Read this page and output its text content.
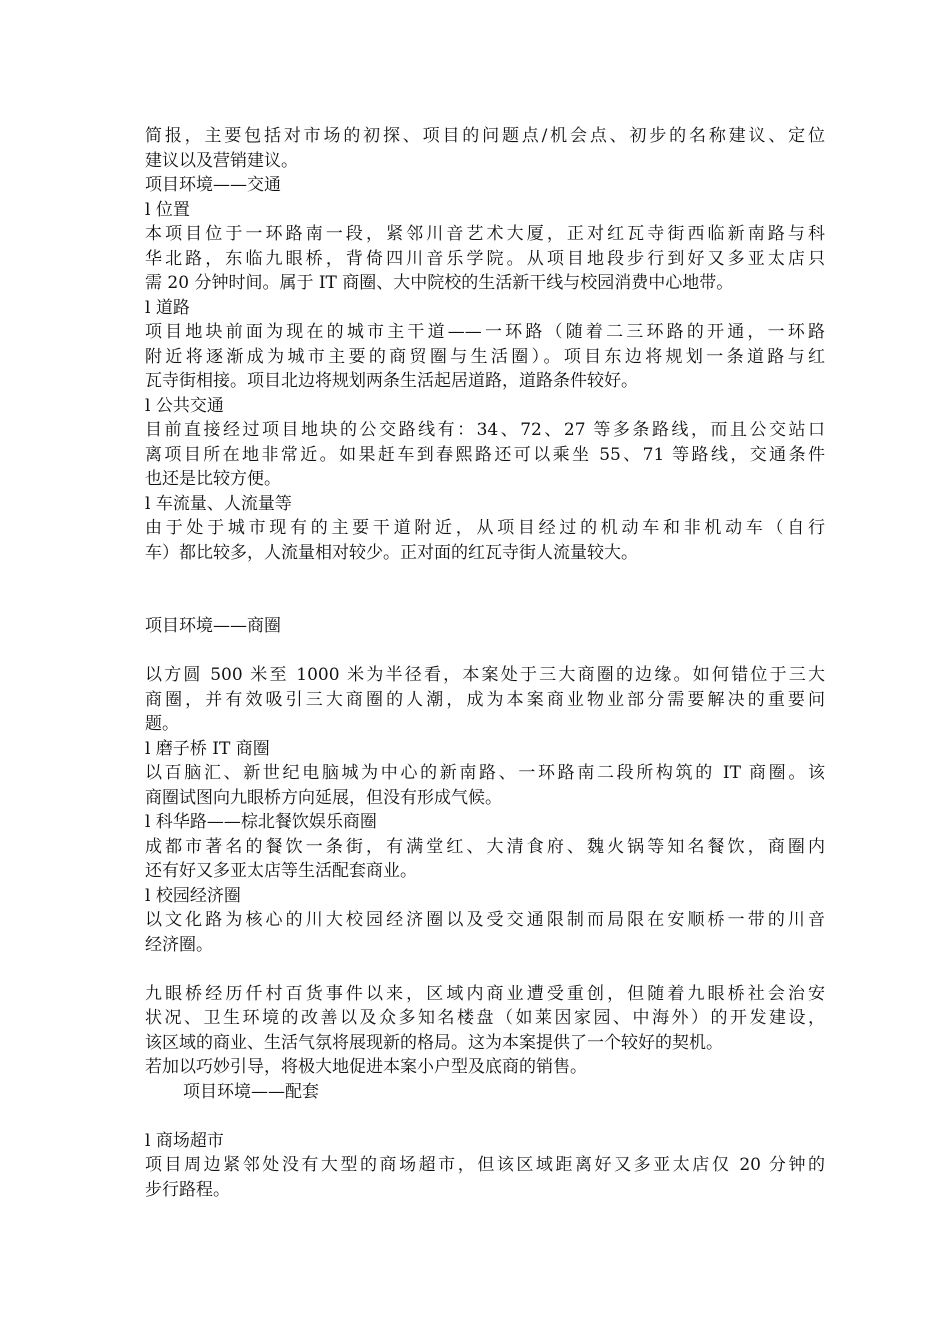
简报，主要包括对市场的初探、项目的问题点/机会点、初步的名称建议、定位
建议以及营销建议。
项目环境——交通
l 位置
本项目位于一环路南一段，紧邻川音艺术大厦，正对红瓦寺街西临新南路与科
华北路，东临九眼桥，背倚四川音乐学院。从项目地段步行到好又多亚太店只
需 20 分钟时间。属于 IT 商圈、大中院校的生活新干线与校园消费中心地带。
l 道路
项目地块前面为现在的城市主干道——一环路（随着二三环路的开通，一环路
附近将逐渐成为城市主要的商贸圈与生活圈）。项目东边将规划一条道路与红
瓦寺街相接。项目北边将规划两条生活起居道路，道路条件较好。
l 公共交通
目前直接经过项目地块的公交路线有：34、72、27 等多条路线，而且公交站口
离项目所在地非常近。如果赶车到春熙路还可以乘坐 55、71 等路线，交通条件
也还是比较方便。
l 车流量、人流量等
由于处于城市现有的主要干道附近，从项目经过的机动车和非机动车（自行
车）都比较多，人流量相对较少。正对面的红瓦寺街人流量较大。
项目环境——商圈
以方圆 500 米至 1000 米为半径看，本案处于三大商圈的边缘。如何错位于三大
商圈，并有效吸引三大商圈的人潮，成为本案商业物业部分需要解决的重要问
题。
l 磨子桥 IT 商圈
以百脑汇、新世纪电脑城为中心的新南路、一环路南二段所构筑的 IT 商圈。该
商圈试图向九眼桥方向延展，但没有形成气候。
l 科华路——棕北餐饮娱乐商圈
成都市著名的餐饮一条街，有满堂红、大清食府、魏火锅等知名餐饮，商圈内
还有好又多亚太店等生活配套商业。
l 校园经济圈
以文化路为核心的川大校园经济圈以及受交通限制而局限在安顺桥一带的川音
经济圈。
九眼桥经历仟村百货事件以来，区域内商业遭受重创，但随着九眼桥社会治安
状况、卫生环境的改善以及众多知名楼盘（如莱因家园、中海外）的开发建设，
该区域的商业、生活气氛将展现新的格局。这为本案提供了一个较好的契机。
若加以巧妙引导，将极大地促进本案小户型及底商的销售。
项目环境——配套
l 商场超市
项目周边紧邻处没有大型的商场超市，但该区域距离好又多亚太店仅 20 分钟的
步行路程。
